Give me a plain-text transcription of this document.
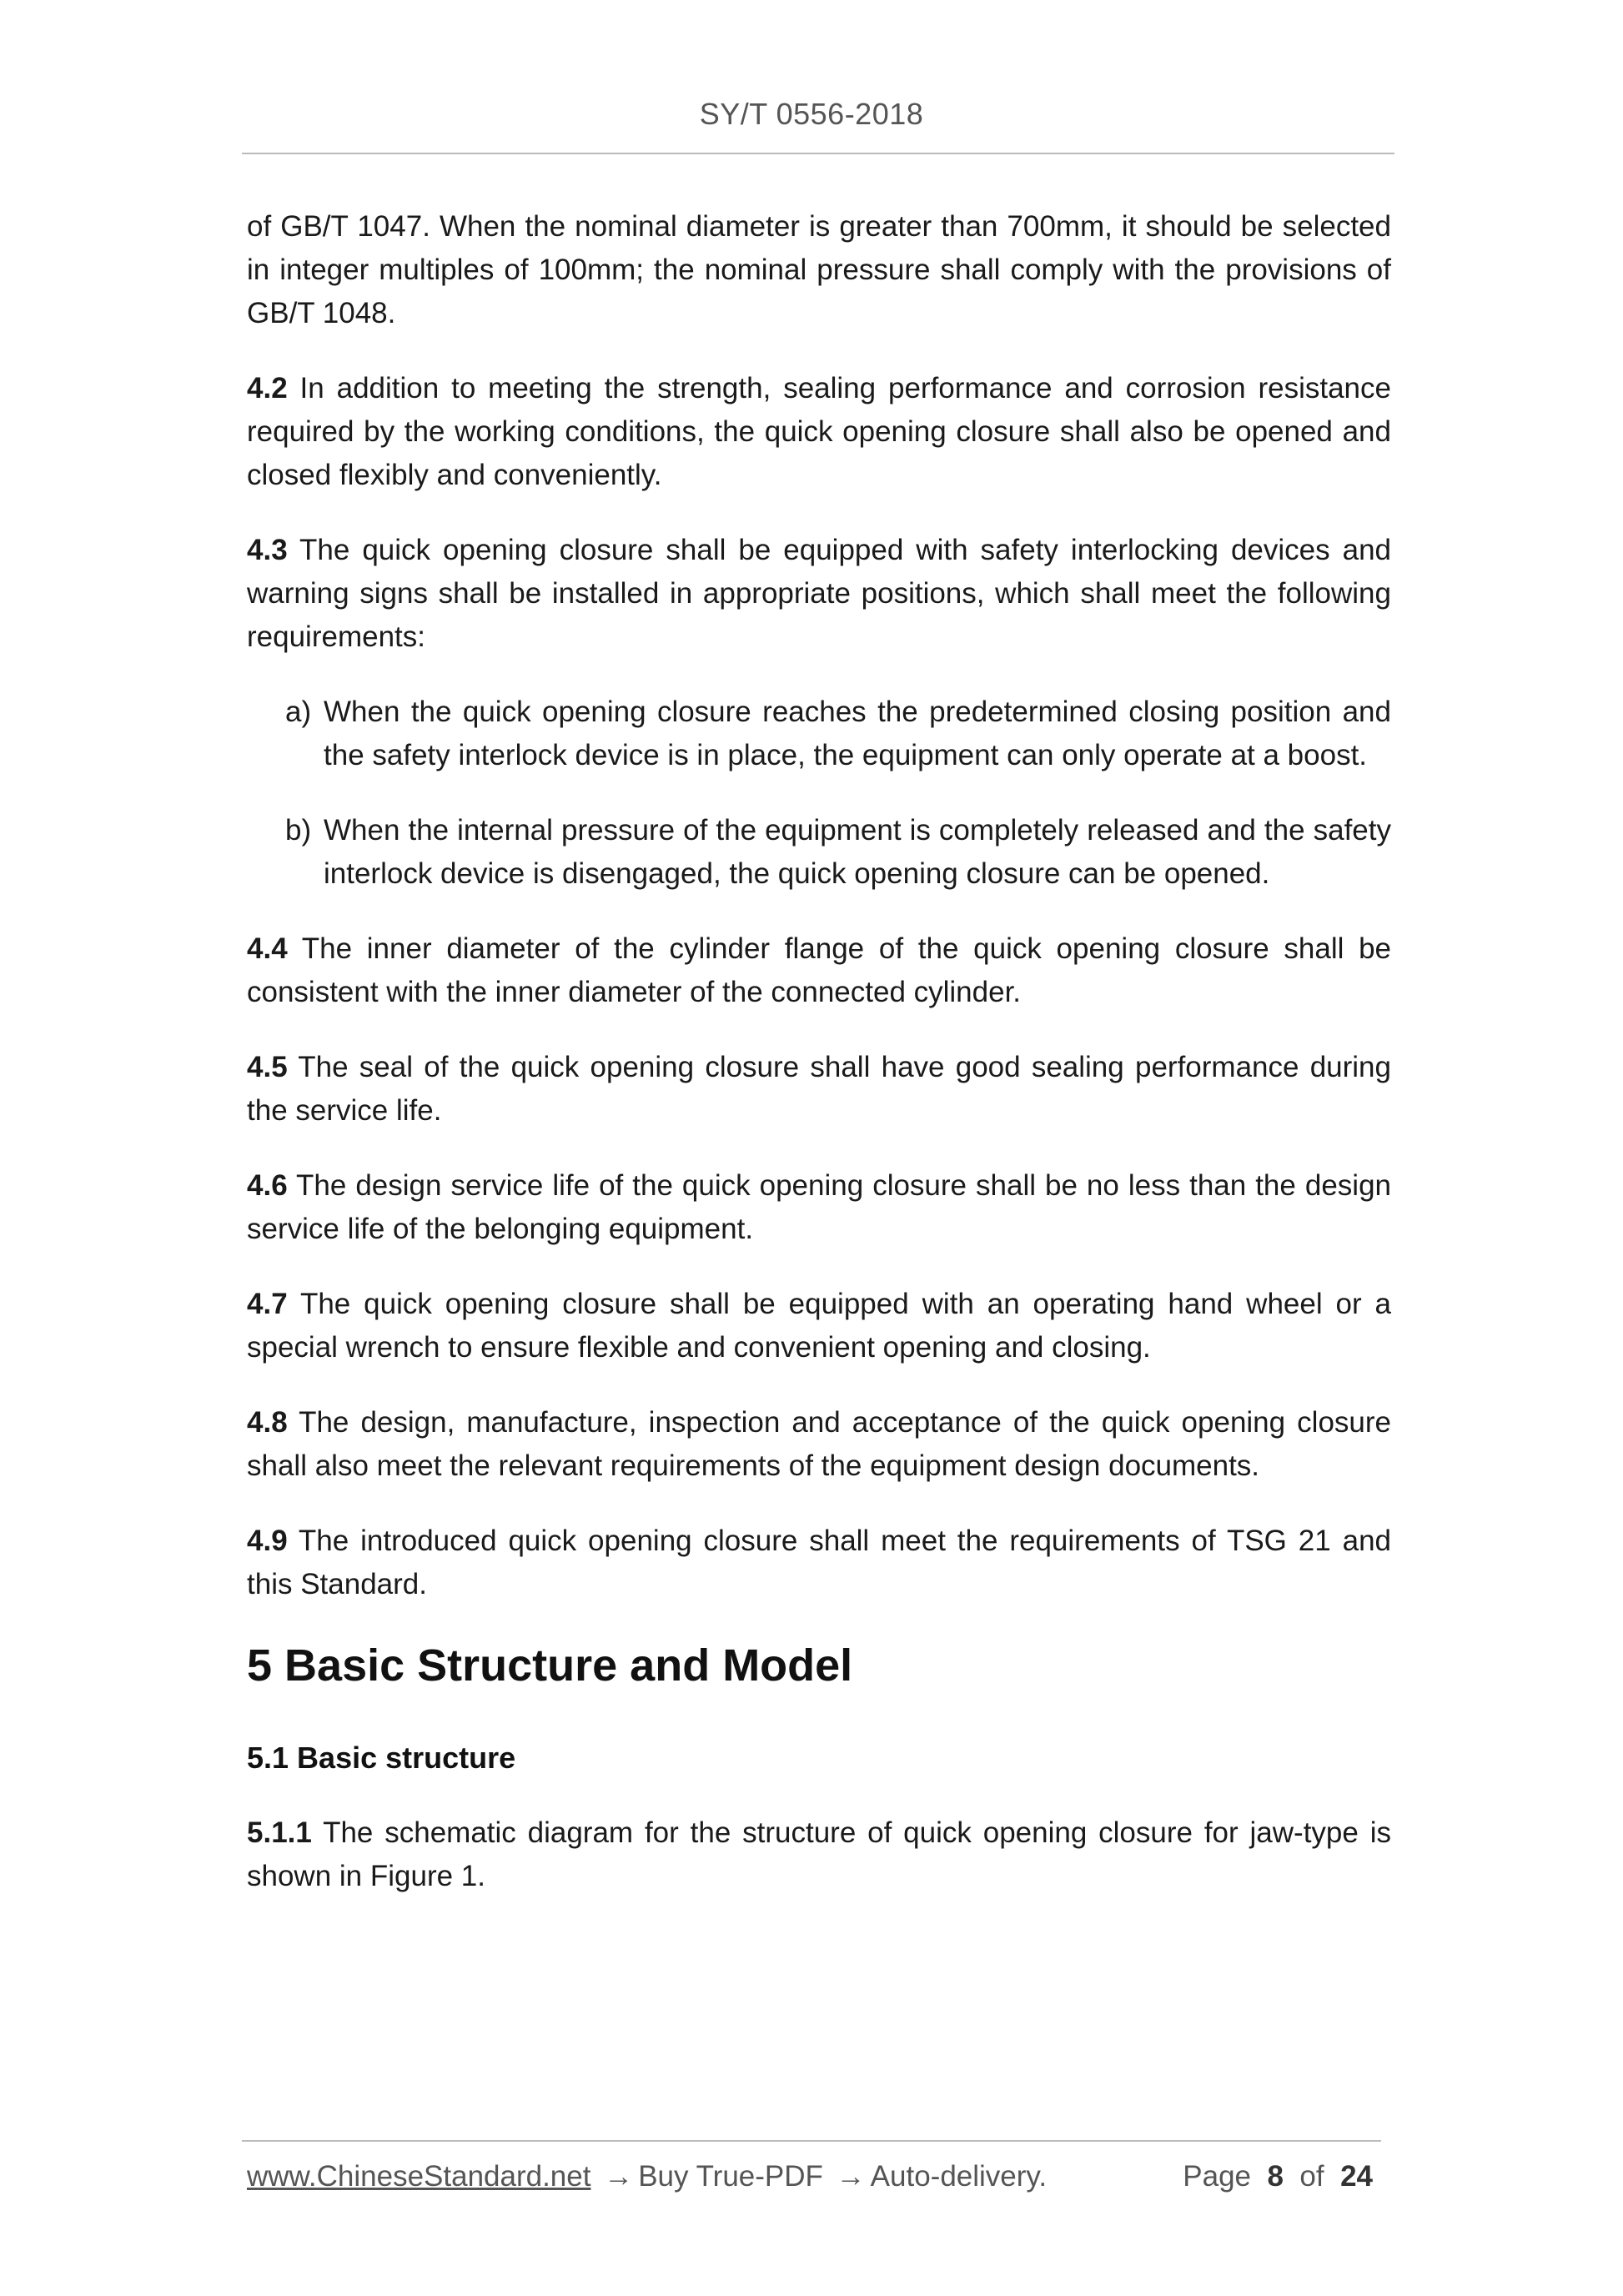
SY/T 0556-2018

of GB/T 1047. When the nominal diameter is greater than 700mm, it should be selected in integer multiples of 100mm; the nominal pressure shall comply with the provisions of GB/T 1048.

4.2 In addition to meeting the strength, sealing performance and corrosion resistance required by the working conditions, the quick opening closure shall also be opened and closed flexibly and conveniently.

4.3 The quick opening closure shall be equipped with safety interlocking devices and warning signs shall be installed in appropriate positions, which shall meet the following requirements:

a) When the quick opening closure reaches the predetermined closing position and the safety interlock device is in place, the equipment can only operate at a boost.
b) When the internal pressure of the equipment is completely released and the safety interlock device is disengaged, the quick opening closure can be opened.

4.4 The inner diameter of the cylinder flange of the quick opening closure shall be consistent with the inner diameter of the connected cylinder.

4.5 The seal of the quick opening closure shall have good sealing performance during the service life.

4.6 The design service life of the quick opening closure shall be no less than the design service life of the belonging equipment.

4.7 The quick opening closure shall be equipped with an operating hand wheel or a special wrench to ensure flexible and convenient opening and closing.

4.8 The design, manufacture, inspection and acceptance of the quick opening closure shall also meet the relevant requirements of the equipment design documents.

4.9 The introduced quick opening closure shall meet the requirements of TSG 21 and this Standard.

5 Basic Structure and Model
5.1 Basic structure

5.1.1 The schematic diagram for the structure of quick opening closure for jaw-type is shown in Figure 1.

www.ChineseStandard.net → Buy True-PDF → Auto-delivery.	Page 8 of 24
